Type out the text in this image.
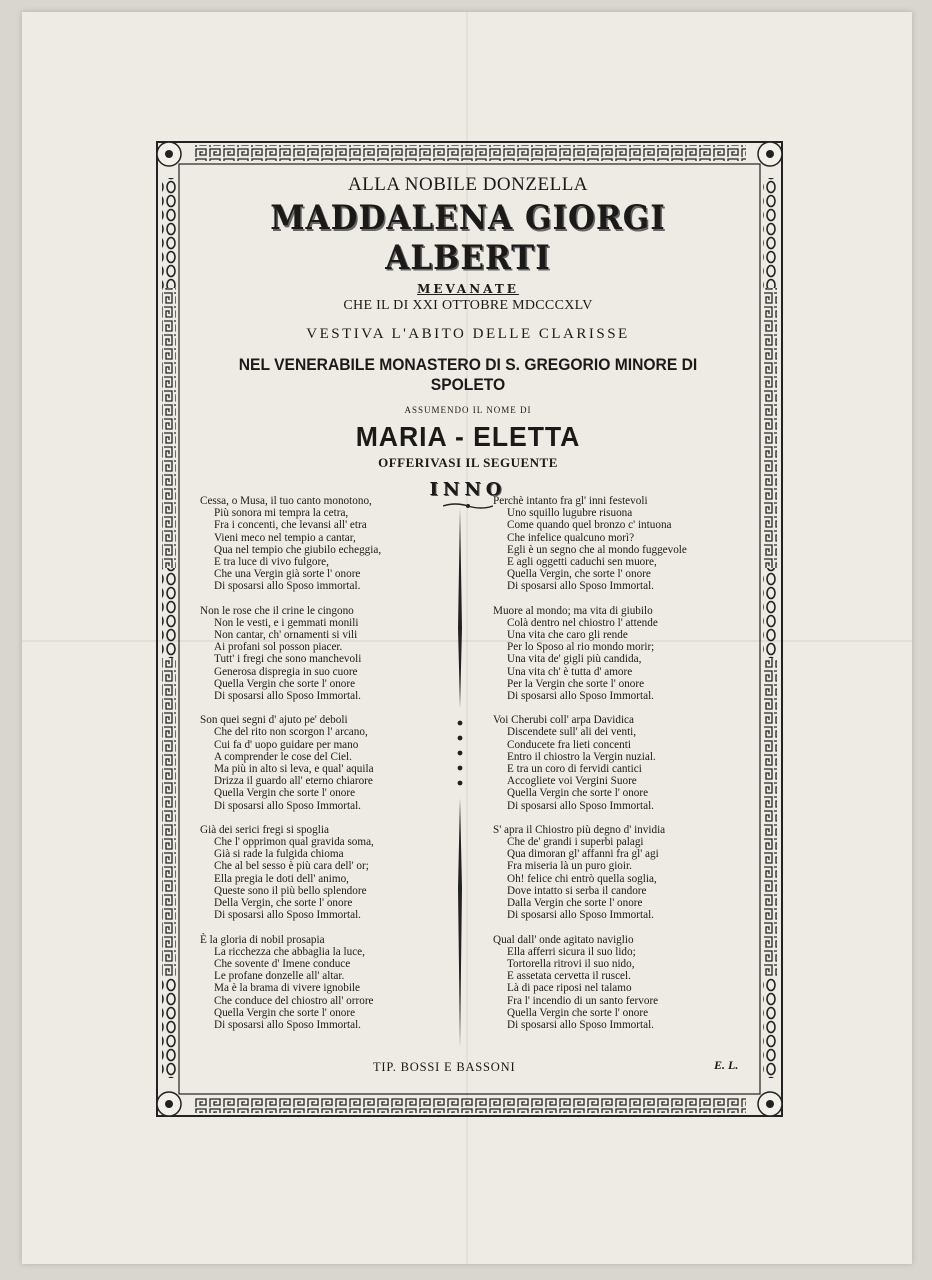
ALLA NOBILE DONZELLA
MADDALENA GIORGI ALBERTI
MEVANATE
CHE IL DI XXI OTTOBRE MDCCCXLV
VESTIVA L'ABITO DELLE CLARISSE
NEL VENERABILE MONASTERO DI S. GREGORIO MINORE DI SPOLETO
ASSUMENDO IL NOME DI
MARIA - ELETTA
OFFERIVASI IL SEGUENTE
INNO
Cessa, o Musa, il tuo canto monotono,
Più sonora mi tempra la cetra,
Fra i concenti, che levansi all' etra
Vieni meco nel tempio a cantar,
Qua nel tempio che giubilo echeggia,
E tra luce di vivo fulgore,
Che una Vergin già sorte l' onore
Di sposarsi allo Sposo immortal.
Non le rose che il crine le cingono
Non le vesti, e i gemmati monili
Non cantar, ch' ornamenti si vili
Ai profani sol posson piacer.
Tutt' i fregi che sono manchevoli
Generosa dispregia in suo cuore
Quella Vergin che sorte l' onore
Di sposarsi allo Sposo Immortal.
Son quei segni d' ajuto pe' deboli
Che del rito non scorgon l' arcano,
Cui fa d' uopo guidare per mano
A comprender le cose del Ciel.
Ma più in alto si leva, e qual' aquila
Drizza il guardo all' eterno chiarore
Quella Vergin che sorte l' onore
Di sposarsi allo Sposo Immortal.
Già dei serici fregi si spoglia
Che l' opprimon qual gravida soma,
Già si rade la fulgida chioma
Che al bel sesso è più cara dell' or;
Ella pregia le doti dell' animo,
Queste sono il più bello splendore
Della Vergin, che sorte l' onore
Di sposarsi allo Sposo Immortal.
È la gloria di nobil prosapia
La ricchezza che abbaglia la luce,
Che sovente d' Imene conduce
Le profane donzelle all' altar.
Ma è la brama di vivere ignobile
Che conduce del chiostro all' orrore
Quella Vergin che sorte l' onore
Di sposarsi allo Sposo Immortal.
Perchè intanto fra gl' inni festevoli
Uno squillo lugubre risuona
Come quando quel bronzo c' intuona
Che infelice qualcuno morì?
Egli è un segno che al mondo fuggevole
E agli oggetti caduchi sen muore,
Quella Vergin, che sorte l' onore
Di sposarsi allo Sposo Immortal.
Muore al mondo; ma vita di giubilo
Colà dentro nel chiostro l' attende
Una vita che caro gli rende
Per lo Sposo al rio mondo morir;
Una vita de' gigli più candida,
Una vita ch' è tutta d' amore
Per la Vergin che sorte l' onore
Di sposarsi allo Sposo Immortal.
Voi Cherubi coll' arpa Davidica
Discendete sull' ali dei venti,
Conducete fra lieti concenti
Entro il chiostro la Vergin nuzial.
E tra un coro di fervidi cantici
Accogliete voi Vergini Suore
Quella Vergin che sorte l' onore
Di sposarsi allo Sposo Immortal.
S' apra il Chiostro più degno d' invidia
Che de' grandi i superbi palagi
Qua dimoran gl' affanni fra gl' agi
Fra miseria là un puro gioir.
Oh! felice chi entrò quella soglia,
Dove intatto si serba il candore
Dalla Vergin che sorte l' onore
Di sposarsi allo Sposo Immortal.
Qual dall' onde agitato naviglio
Ella afferri sicura il suo lido;
Tortorella ritrovi il suo nido,
E assetata cervetta il ruscel.
Là di pace riposi nel talamo
Fra l' incendio di un santo fervore
Quella Vergin che sorte l' onore
Di sposarsi allo Sposo Immortal.
TIP. BOSSI E BASSONI	E. L.
